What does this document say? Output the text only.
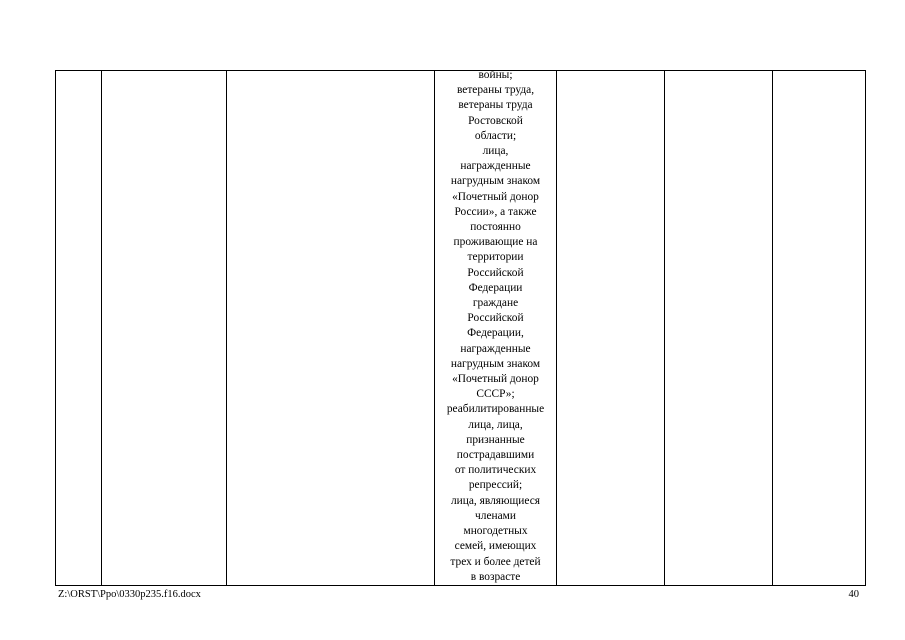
войны;
ветераны труда,
ветераны труда
Ростовской
области;
лица,
награжденные
нагрудным знаком
«Почетный донор
России», а также
постоянно
проживающие на
территории
Российской
Федерации
граждане
Российской
Федерации,
награжденные
нагрудным знаком
«Почетный донор
СССР»;
реабилитированные
лица, лица,
признанные
пострадавшими
от политических
репрессий;
лица, являющиеся
членами
многодетных
семей, имеющих
трех и более детей
в возрасте

Z:\ORST\Ppo\0330p235.f16.docx	40
